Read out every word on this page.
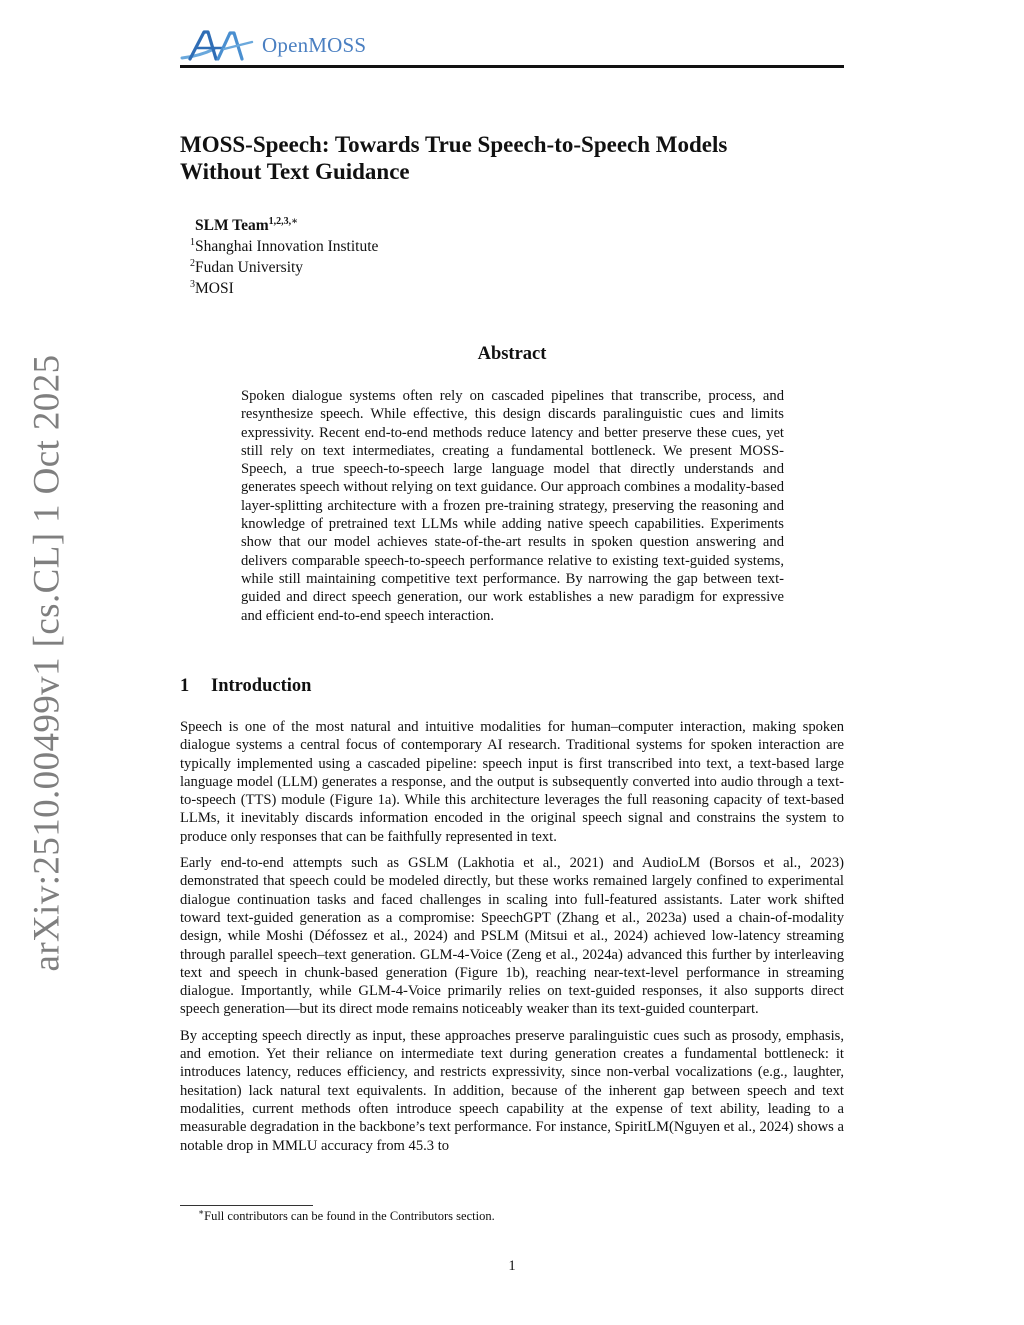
OpenMOSS
arXiv:2510.00499v1 [cs.CL] 1 Oct 2025
MOSS-Speech: Towards True Speech-to-Speech Models
Without Text Guidance
SLM Team$^{1,2,3,∗}$
$^1$Shanghai Innovation Institute
$^2$Fudan University
$^3$MOSI
Abstract
Spoken dialogue systems often rely on cascaded pipelines that transcribe, process, and resynthesize speech. While effective, this design discards paralinguistic cues and limits expressivity. Recent end-to-end methods reduce latency and better preserve these cues, yet still rely on text intermediates, creating a fundamental bottleneck. We present MOSS-Speech, a true speech-to-speech large language model that directly understands and generates speech without relying on text guidance. Our approach combines a modality-based layer-splitting architecture with a frozen pre-training strategy, preserving the reasoning and knowledge of pretrained text LLMs while adding native speech capabilities. Experiments show that our model achieves state-of-the-art results in spoken question answering and delivers comparable speech-to-speech performance relative to existing text-guided systems, while still maintaining competitive text performance. By narrowing the gap between text-guided and direct speech generation, our work establishes a new paradigm for expressive and efficient end-to-end speech interaction.
1 Introduction

Speech is one of the most natural and intuitive modalities for human–computer interaction, making spoken dialogue systems a central focus of contemporary AI research. Traditional systems for spoken interaction are typically implemented using a cascaded pipeline: speech input is first transcribed into text, a text-based large language model (LLM) generates a response, and the output is subsequently converted into audio through a text-to-speech (TTS) module (Figure 1a). While this architecture leverages the full reasoning capacity of text-based LLMs, it inevitably discards information encoded in the original speech signal and constrains the system to produce only responses that can be faithfully represented in text.

Early end-to-end attempts such as GSLM (Lakhotia et al., 2021) and AudioLM (Borsos et al., 2023) demonstrated that speech could be modeled directly, but these works remained largely confined to experimental dialogue continuation tasks and faced challenges in scaling into full-featured assistants. Later work shifted toward text-guided generation as a compromise: SpeechGPT (Zhang et al., 2023a) used a chain-of-modality design, while Moshi (Défossez et al., 2024) and PSLM (Mitsui et al., 2024) achieved low-latency streaming through parallel speech–text generation. GLM-4-Voice (Zeng et al., 2024a) advanced this further by interleaving text and speech in chunk-based generation (Figure 1b), reaching near-text-level performance in streaming dialogue. Importantly, while GLM-4-Voice primarily relies on text-guided responses, it also supports direct speech generation—but its direct mode remains noticeably weaker than its text-guided counterpart.

By accepting speech directly as input, these approaches preserve paralinguistic cues such as prosody, emphasis, and emotion. Yet their reliance on intermediate text during generation creates a fundamental bottleneck: it introduces latency, reduces efficiency, and restricts expressivity, since non-verbal vocalizations (e.g., laughter, hesitation) lack natural text equivalents. In addition, because of the inherent gap between speech and text modalities, current methods often introduce speech capability at the expense of text ability, leading to a measurable degradation in the backbone’s text performance. For instance, SpiritLM(Nguyen et al., 2024) shows a notable drop in MMLU accuracy from 45.3 to

∗Full contributors can be found in the Contributors section.
1
